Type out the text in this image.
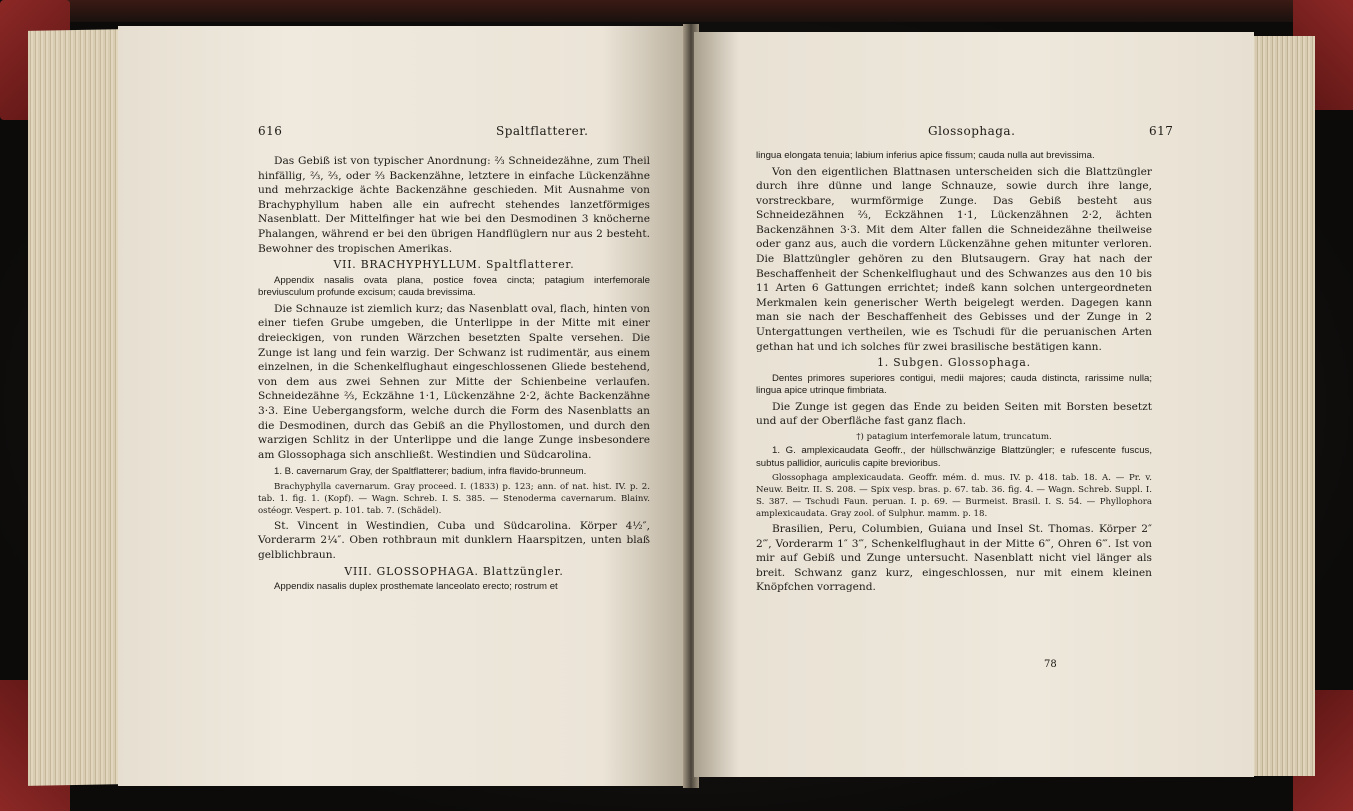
616	Spaltflatterer.

Das Gebiß ist von typischer Anordnung: ⅔ Schneidezähne, zum Theil hinfällig, ⅔, ⅔, oder ⅔ Backenzähne, letztere in einfache Lückenzähne und mehrzackige ächte Backenzähne geschieden. Mit Ausnahme von Brachyphyllum haben alle ein aufrecht stehendes lanzetförmiges Nasenblatt. Der Mittelfinger hat wie bei den Desmodinen 3 knöcherne Phalangen, während er bei den übrigen Handflüglern nur aus 2 besteht. Bewohner des tropischen Amerikas.

VII. BRACHYPHYLLUM. Spaltflatterer.

Appendix nasalis ovata plana, postice fovea cincta; patagium interfemorale breviusculum profunde excisum; cauda brevissima.

Die Schnauze ist ziemlich kurz; das Nasenblatt oval, flach, hinten von einer tiefen Grube umgeben, die Unterlippe in der Mitte mit einer dreieckigen, von runden Wärzchen besetzten Spalte versehen. Die Zunge ist lang und fein warzig. Der Schwanz ist rudimentär, aus einem einzelnen, in die Schenkelflughaut eingeschlossenen Gliede bestehend, von dem aus zwei Sehnen zur Mitte der Schienbeine verlaufen. Schneidezähne ⅔, Eckzähne 1·1, Lückenzähne 2·2, ächte Backenzähne 3·3. Eine Uebergangsform, welche durch die Form des Nasenblatts an die Desmodinen, durch das Gebiß an die Phyllostomen, und durch den warzigen Schlitz in der Unterlippe und die lange Zunge insbesondere am Glossophaga sich anschließt. Westindien und Südcarolina.

1. B. cavernarum Gray, der Spaltflatterer; badium, infra flavido-brunneum.

Brachyphylla cavernarum. Gray proceed. I. (1833) p. 123; ann. of nat. hist. IV. p. 2. tab. 1. fig. 1. (Kopf). — Wagn. Schreb. I. S. 385. — Stenoderma cavernarum. Blainv. ostéogr. Vespert. p. 101. tab. 7. (Schädel).

St. Vincent in Westindien, Cuba und Südcarolina. Körper 4½″, Vorderarm 2¼″. Oben rothbraun mit dunklern Haarspitzen, unten blaß gelblichbraun.

VIII. GLOSSOPHAGA. Blattzüngler.

Appendix nasalis duplex prosthemate lanceolato erecto; rostrum et

Glossophaga.	617

lingua elongata tenuia; labium inferius apice fissum; cauda nulla aut brevissima.

Von den eigentlichen Blattnasen unterscheiden sich die Blattzüngler durch ihre dünne und lange Schnauze, sowie durch ihre lange, vorstreckbare, wurmförmige Zunge. Das Gebiß besteht aus Schneidezähnen ⅔, Eckzähnen 1·1, Lückenzähnen 2·2, ächten Backenzähnen 3·3. Mit dem Alter fallen die Schneidezähne theilweise oder ganz aus, auch die vordern Lückenzähne gehen mitunter verloren. Die Blattzüngler gehören zu den Blutsaugern. Gray hat nach der Beschaffenheit der Schenkelflughaut und des Schwanzes aus den 10 bis 11 Arten 6 Gattungen errichtet; indeß kann solchen untergeordneten Merkmalen kein generischer Werth beigelegt werden. Dagegen kann man sie nach der Beschaffenheit des Gebisses und der Zunge in 2 Untergattungen vertheilen, wie es Tschudi für die peruanischen Arten gethan hat und ich solches für zwei brasilische bestätigen kann.

1. Subgen. Glossophaga.

Dentes primores superiores contigui, medii majores; cauda distincta, rarissime nulla; lingua apice utrinque fimbriata.

Die Zunge ist gegen das Ende zu beiden Seiten mit Borsten besetzt und auf der Oberfläche fast ganz flach.

†) patagium interfemorale latum, truncatum.

1. G. amplexicaudata Geoffr., der hüllschwänzige Blattzüngler; e rufescente fuscus, subtus pallidior, auriculis capite brevioribus.

Glossophaga amplexicaudata. Geoffr. mém. d. mus. IV. p. 418. tab. 18. A. — Pr. v. Neuw. Beitr. II. S. 208. — Spix vesp. bras. p. 67. tab. 36. fig. 4. — Wagn. Schreb. Suppl. I. S. 387. — Tschudi Faun. peruan. I. p. 69. — Burmeist. Brasil. I. S. 54. — Phyllophora amplexicaudata. Gray zool. of Sulphur. mamm. p. 18.

Brasilien, Peru, Columbien, Guiana und Insel St. Thomas. Körper 2″ 2‴, Vorderarm 1″ 3‴, Schenkelflughaut in der Mitte 6‴, Ohren 6‴. Ist von mir auf Gebiß und Zunge untersucht. Nasenblatt nicht viel länger als breit. Schwanz ganz kurz, eingeschlossen, nur mit einem kleinen Knöpfchen vorragend.

78
